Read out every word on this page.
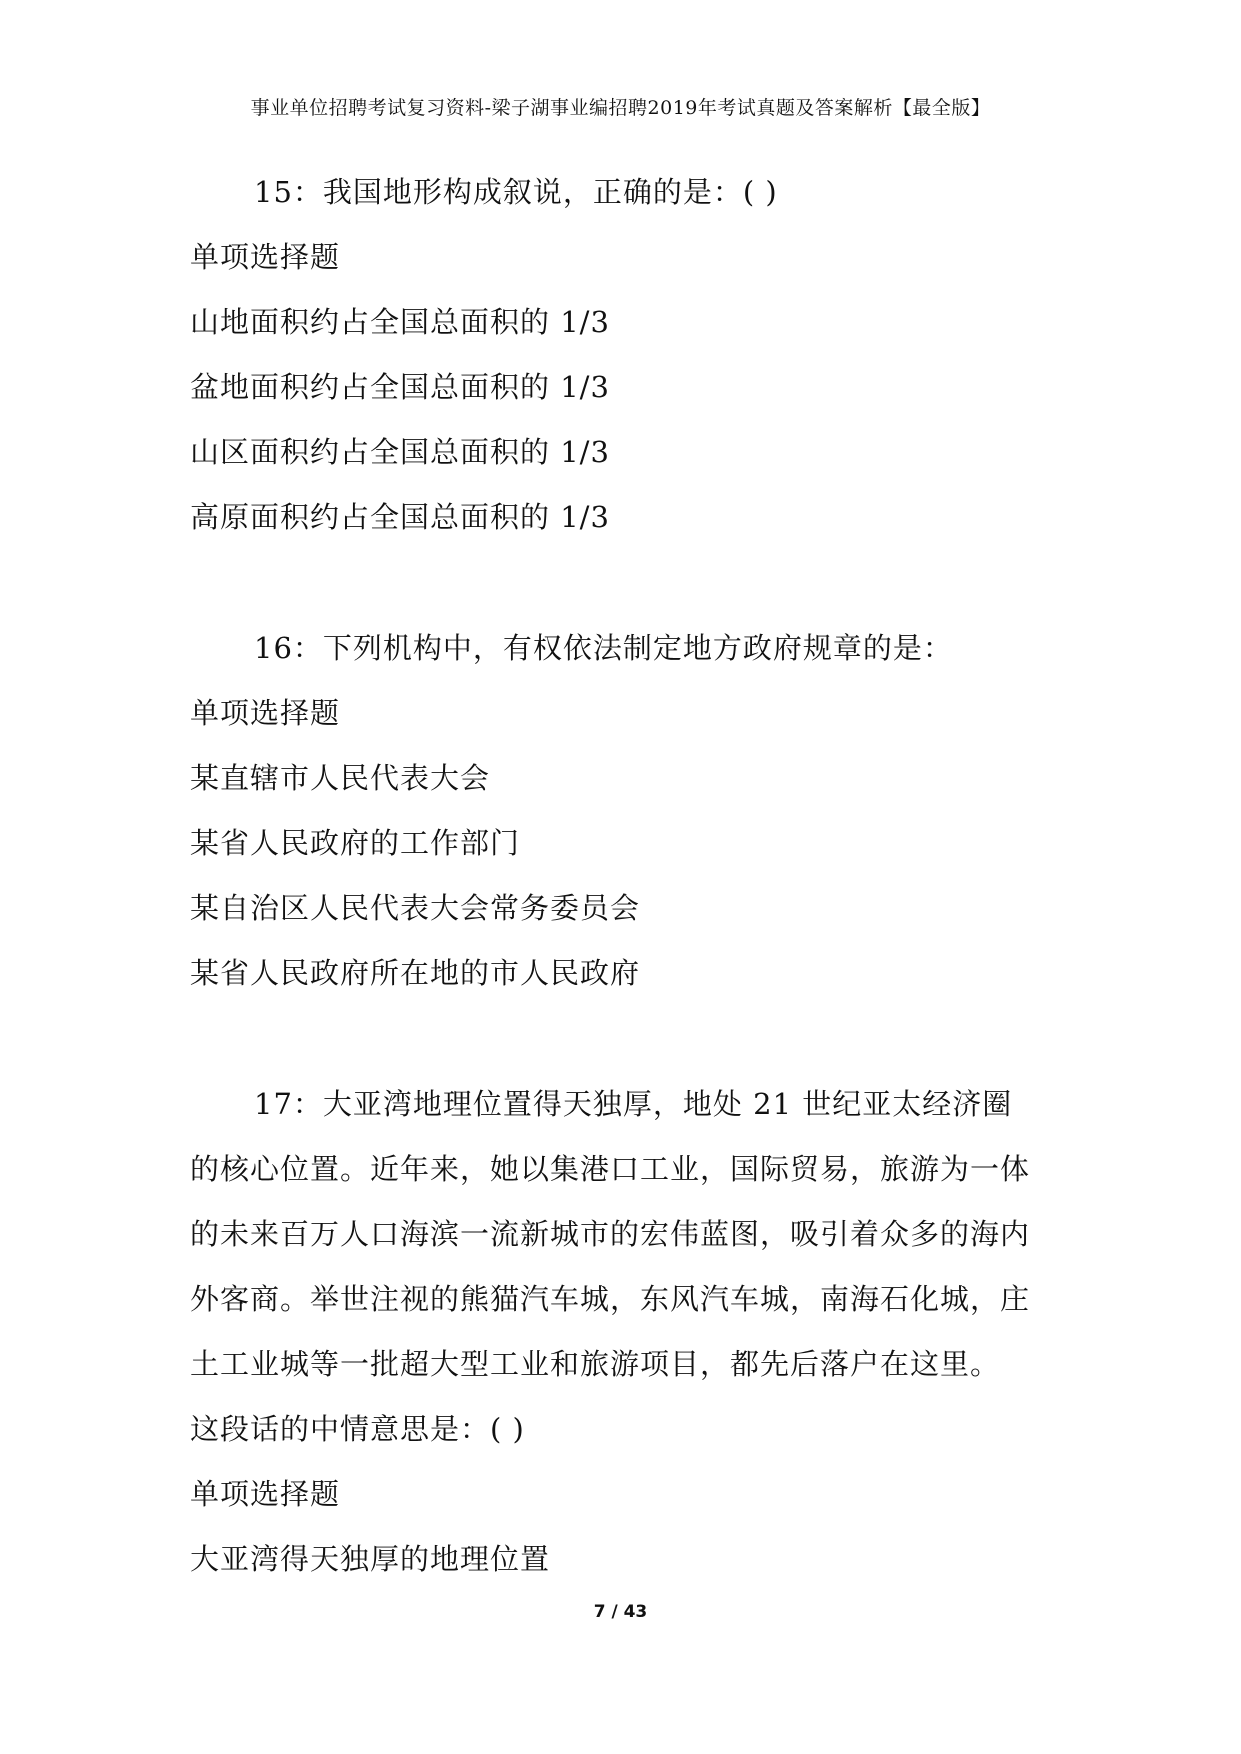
事业单位招聘考试复习资料-梁子湖事业编招聘2019年考试真题及答案解析【最全版】
15：我国地形构成叙说，正确的是：( )
单项选择题
山地面积约占全国总面积的 1/3
盆地面积约占全国总面积的 1/3
山区面积约占全国总面积的 1/3
高原面积约占全国总面积的 1/3
16：下列机构中，有权依法制定地方政府规章的是：
单项选择题
某直辖市人民代表大会
某省人民政府的工作部门
某自治区人民代表大会常务委员会
某省人民政府所在地的市人民政府
17：大亚湾地理位置得天独厚，地处 21 世纪亚太经济圈
的核心位置。近年来，她以集港口工业，国际贸易，旅游为一体
的未来百万人口海滨一流新城市的宏伟蓝图，吸引着众多的海内
外客商。举世注视的熊猫汽车城，东风汽车城，南海石化城，庄
土工业城等一批超大型工业和旅游项目，都先后落户在这里。
这段话的中情意思是：( )
单项选择题
大亚湾得天独厚的地理位置
7 / 43
